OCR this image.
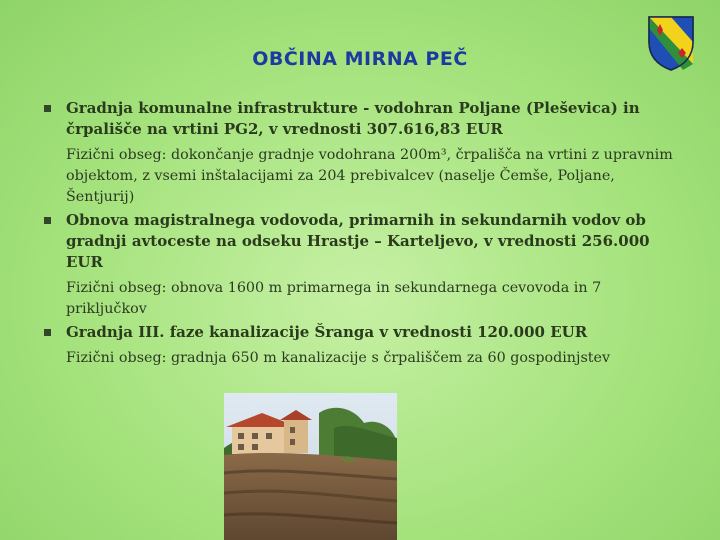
OBČINA MIRNA PEČ
Gradnja komunalne infrastrukture - vodohran Poljane (Pleševica) in črpališče na vrtini PG2, v vrednosti 307.616,83 EUR
Fizični obseg: dokončanje gradnje vodohrana 200m³, črpališča na vrtini z upravnim objektom, z vsemi inštalacijami za 204 prebivalcev (naselje Čemše, Poljane, Šentjurij)
Obnova magistralnega vodovoda, primarnih in sekundarnih vodov ob gradnji avtoceste na odseku Hrastje – Karteljevo, v vrednosti 256.000 EUR
Fizični obseg: obnova 1600 m primarnega in sekundarnega cevovoda in 7 priključkov
Gradnja III. faze kanalizacije Šranga v vrednosti 120.000 EUR
Fizični obseg: gradnja 650 m kanalizacije s črpališčem za 60 gospodinjstev
